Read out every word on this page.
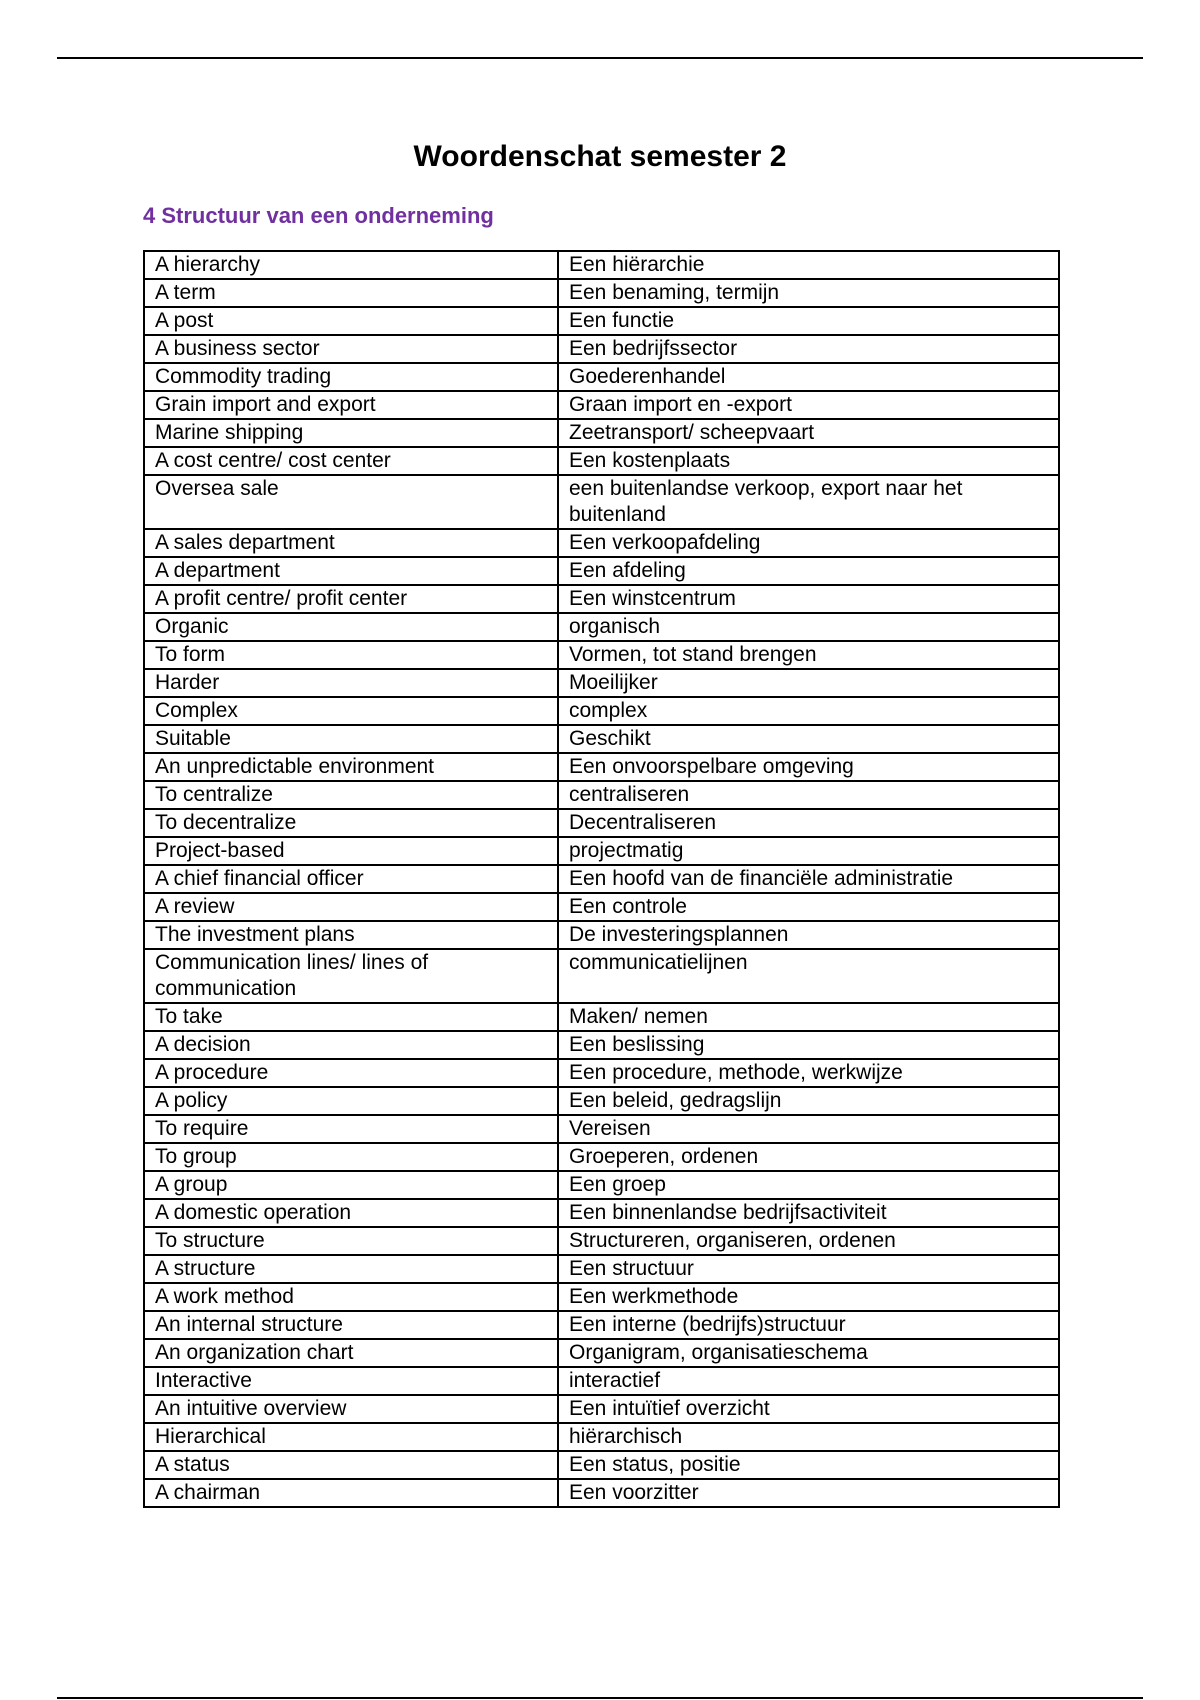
Woordenschat semester 2
4 Structuur van een onderneming
A hierarchy	Een hiërarchie
A term	Een benaming, termijn
A post	Een functie
A business sector	Een bedrijfssector
Commodity trading	Goederenhandel
Grain import and export	Graan import en -export
Marine shipping	Zeetransport/ scheepvaart
A cost centre/ cost center	Een kostenplaats
Oversea sale	een buitenlandse verkoop, export naar het buitenland
A sales department	Een verkoopafdeling
A department	Een afdeling
A profit centre/ profit center	Een winstcentrum
Organic	organisch
To form	Vormen, tot stand brengen
Harder	Moeilijker
Complex	complex
Suitable	Geschikt
An unpredictable environment	Een onvoorspelbare omgeving
To centralize	centraliseren
To decentralize	Decentraliseren
Project-based	projectmatig
A chief financial officer	Een hoofd van de financiële administratie
A review	Een controle
The investment plans	De investeringsplannen
Communication lines/ lines of communication	communicatielijnen
To take	Maken/ nemen
A decision	Een beslissing
A procedure	Een procedure, methode, werkwijze
A policy	Een beleid, gedragslijn
To require	Vereisen
To group	Groeperen, ordenen
A group	Een groep
A domestic operation	Een binnenlandse bedrijfsactiviteit
To structure	Structureren, organiseren, ordenen
A structure	Een structuur
A work method	Een werkmethode
An internal structure	Een interne (bedrijfs)structuur
An organization chart	Organigram, organisatieschema
Interactive	interactief
An intuitive overview	Een intuïtief overzicht
Hierarchical	hiërarchisch
A status	Een status, positie
A chairman	Een voorzitter
